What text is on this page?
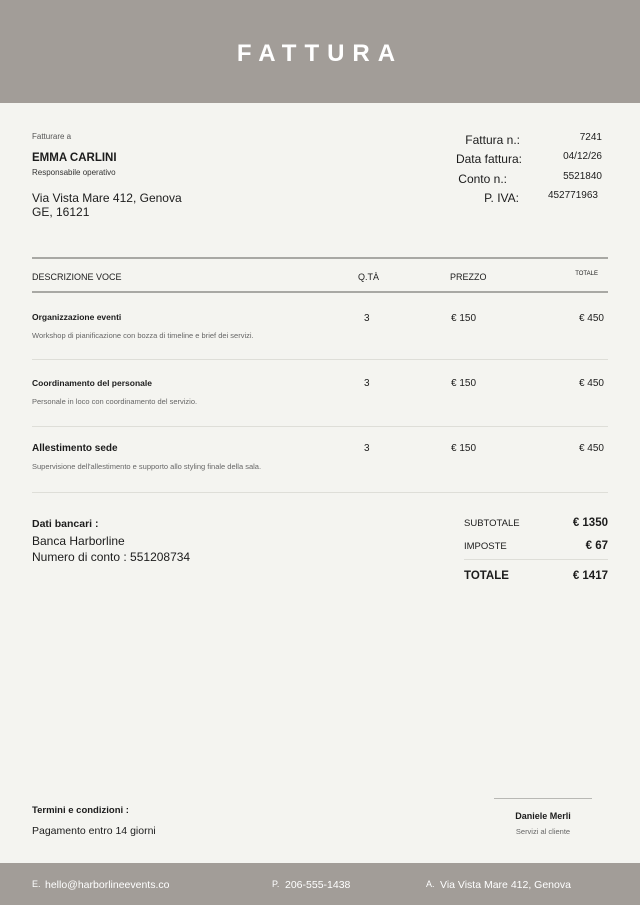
FATTURA
Fatturare a
EMMA CARLINI
Responsabile operativo
Via Vista Mare 412, Genova
GE, 16121
Fattura n.:	7241
Data fattura:	04/12/26
Conto n.:	5521840
P. IVA:	452771963
DESCRIZIONE VOCE	Q.TÀ	PREZZO	TOTALE
Organizzazione eventi
Workshop di pianificazione con bozza di timeline e brief dei servizi.
3	€ 150	€ 450
Coordinamento del personale
Personale in loco con coordinamento del servizio.
3	€ 150	€ 450
Allestimento sede
Supervisione dell'allestimento e supporto allo styling finale della sala.
3	€ 150	€ 450
Dati bancari :
Banca Harborline
Numero di conto : 551208734
SUBTOTALE	€ 1350
IMPOSTE	€ 67
TOTALE	€ 1417
Termini e condizioni :
Pagamento entro 14 giorni
Daniele Merli
Servizi al cliente
E. hello@harborlineevents.co	P. 206-555-1438	A. Via Vista Mare 412, Genova
